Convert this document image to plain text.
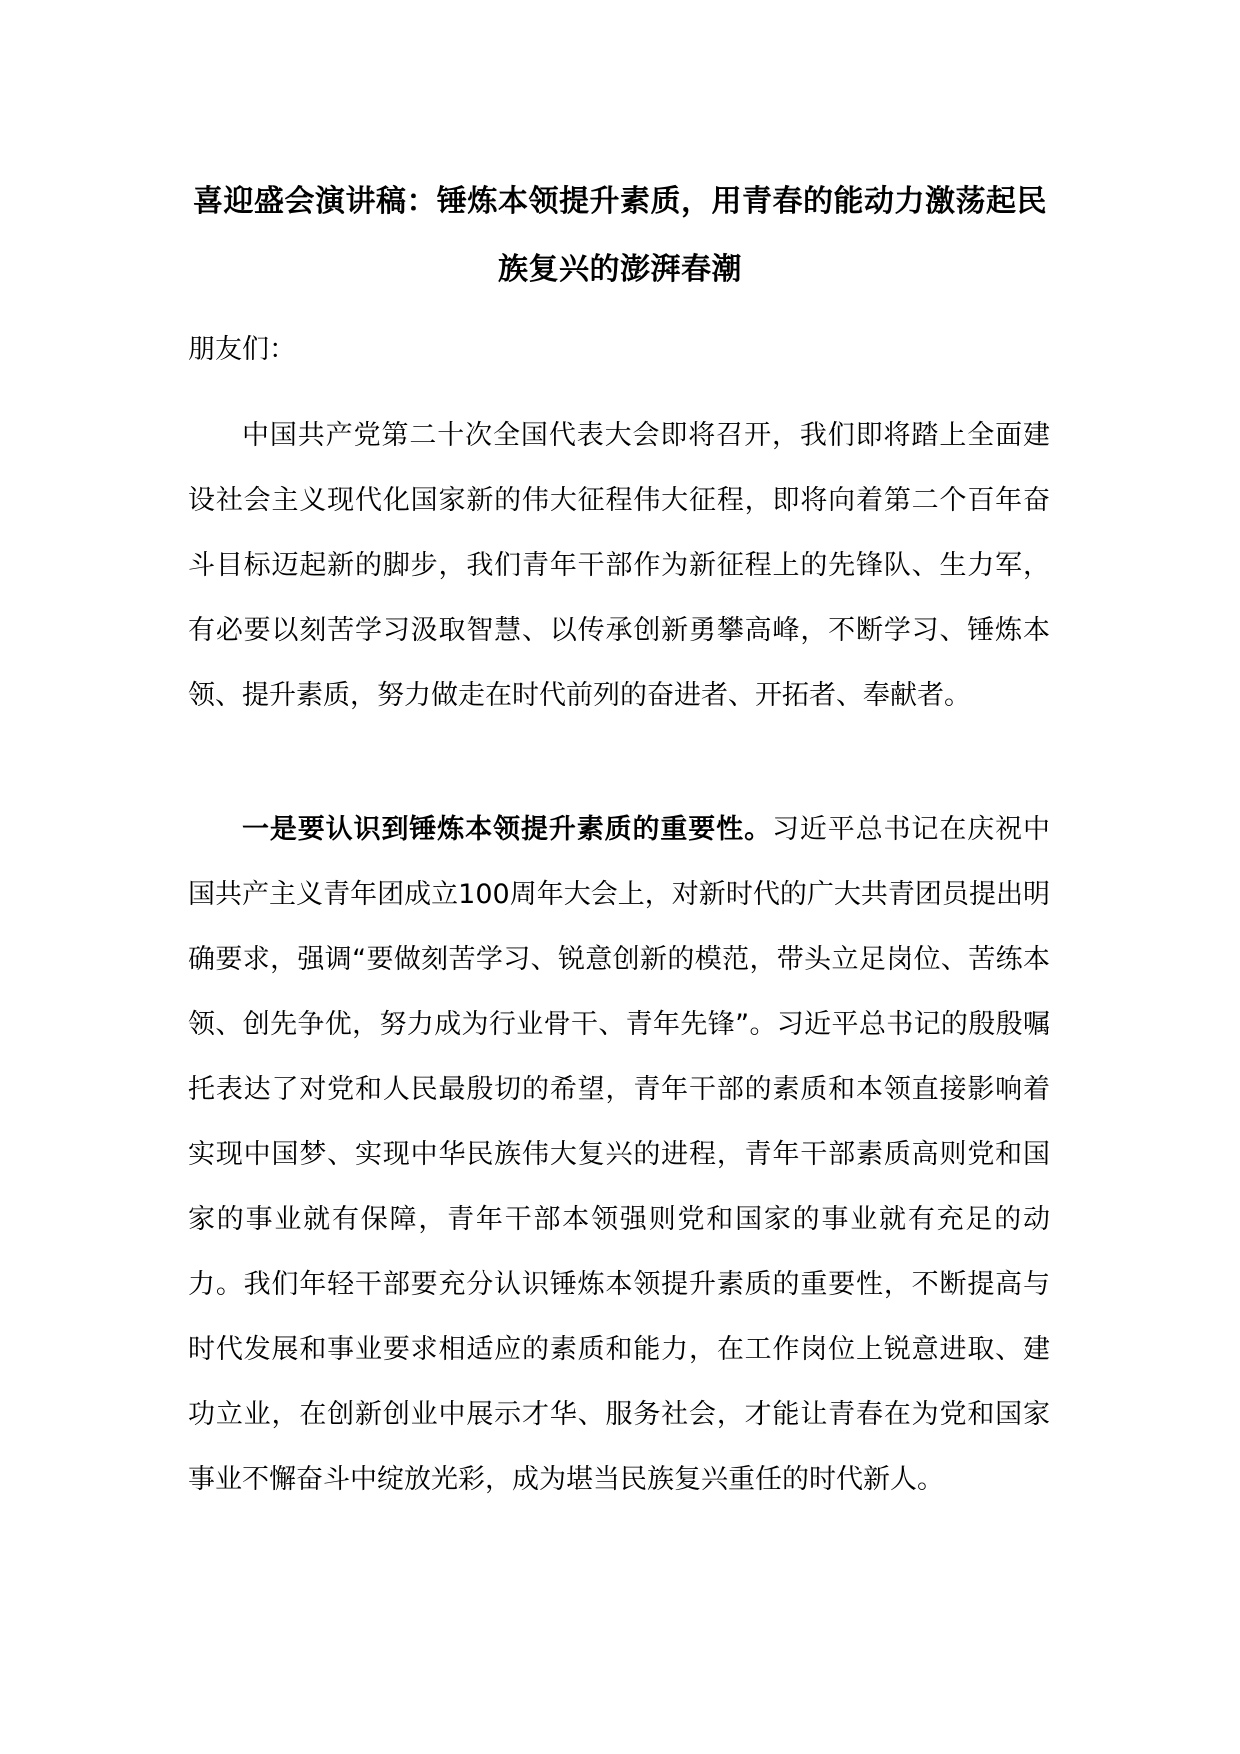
喜迎盛会演讲稿：锤炼本领提升素质，用青春的能动力激荡起民族复兴的澎湃春潮

朋友们：

中国共产党第二十次全国代表大会即将召开，我们即将踏上全面建设社会主义现代化国家新的伟大征程伟大征程，即将向着第二个百年奋斗目标迈起新的脚步，我们青年干部作为新征程上的先锋队、生力军，有必要以刻苦学习汲取智慧、以传承创新勇攀高峰，不断学习、锤炼本领、提升素质，努力做走在时代前列的奋进者、开拓者、奉献者。

一是要认识到锤炼本领提升素质的重要性。习近平总书记在庆祝中国共产主义青年团成立100周年大会上，对新时代的广大共青团员提出明确要求，强调“要做刻苦学习、锐意创新的模范，带头立足岗位、苦练本领、创先争优，努力成为行业骨干、青年先锋”。习近平总书记的殷殷嘱托表达了对党和人民最殷切的希望，青年干部的素质和本领直接影响着实现中国梦、实现中华民族伟大复兴的进程，青年干部素质高则党和国家的事业就有保障，青年干部本领强则党和国家的事业就有充足的动力。我们年轻干部要充分认识锤炼本领提升素质的重要性，不断提高与时代发展和事业要求相适应的素质和能力，在工作岗位上锐意进取、建功立业，在创新创业中展示才华、服务社会，才能让青春在为党和国家事业不懈奋斗中绽放光彩，成为堪当民族复兴重任的时代新人。
